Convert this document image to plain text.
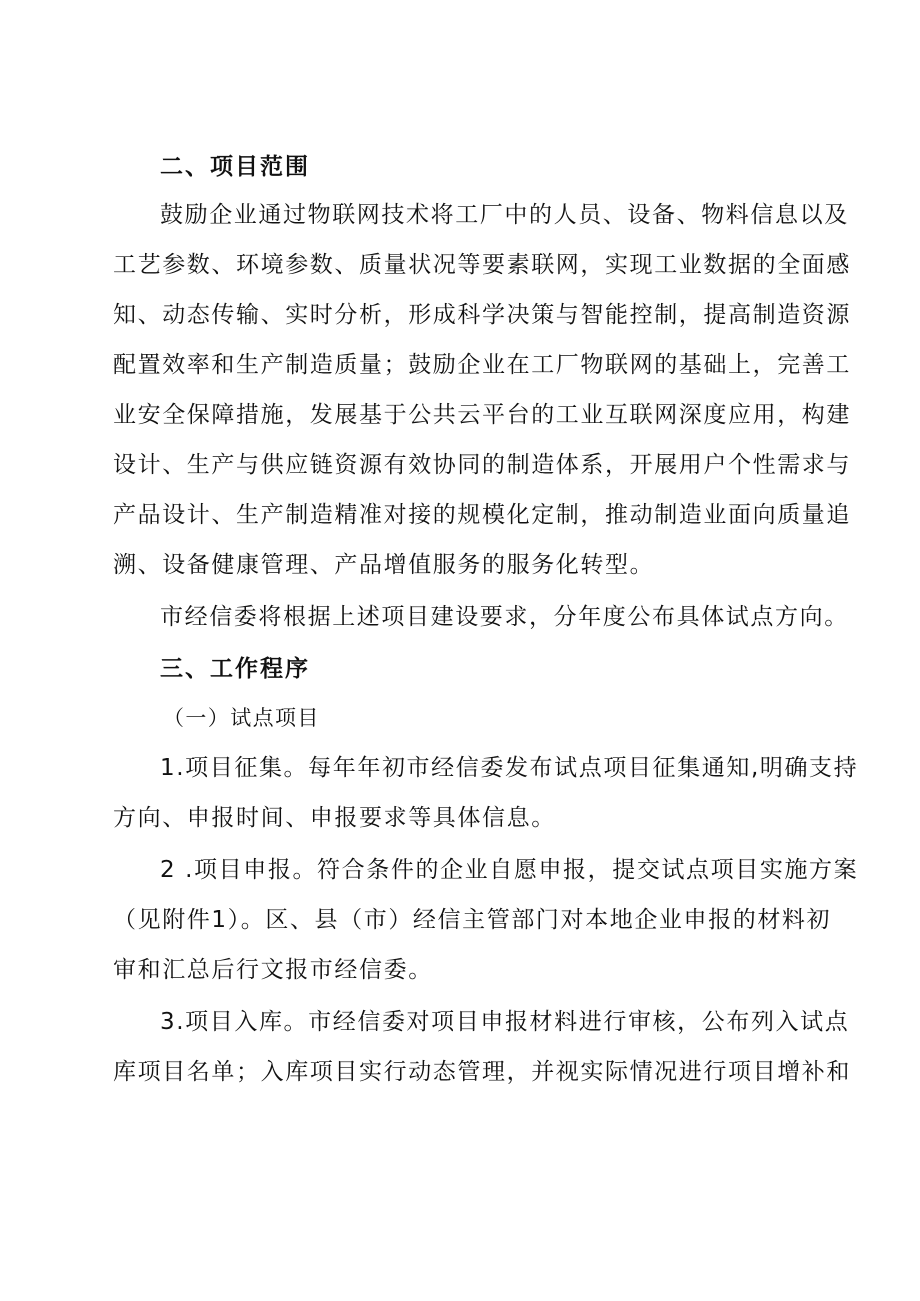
二、项目范围
鼓励企业通过物联网技术将工厂中的人员、设备、物料信息以及
工艺参数、环境参数、质量状况等要素联网，实现工业数据的全面感
知、动态传输、实时分析，形成科学决策与智能控制，提高制造资源
配置效率和生产制造质量；鼓励企业在工厂物联网的基础上，完善工
业安全保障措施，发展基于公共云平台的工业互联网深度应用，构建
设计、生产与供应链资源有效协同的制造体系，开展用户个性需求与
产品设计、生产制造精准对接的规模化定制，推动制造业面向质量追
溯、设备健康管理、产品增值服务的服务化转型。
市经信委将根据上述项目建设要求，分年度公布具体试点方向。
三、工作程序
（一）试点项目
1.项目征集。每年年初市经信委发布试点项目征集通知,明确支持
方向、申报时间、申报要求等具体信息。
2 .项目申报。符合条件的企业自愿申报，提交试点项目实施方案
（见附件1）。区、县（市）经信主管部门对本地企业申报的材料初
审和汇总后行文报市经信委。
3.项目入库。市经信委对项目申报材料进行审核，公布列入试点
库项目名单；入库项目实行动态管理，并视实际情况进行项目增补和
